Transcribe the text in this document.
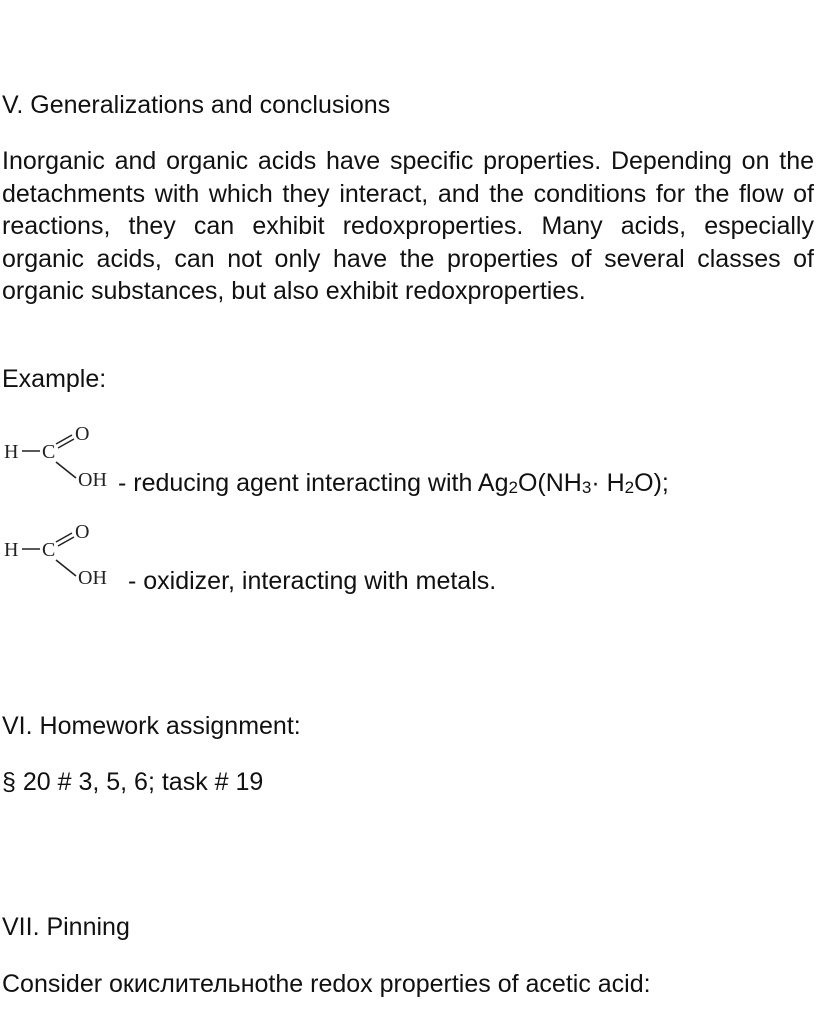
V. Generalizations and conclusions
Inorganic and organic acids have specific properties. Depending on the detachments with which they interact, and the conditions for the flow of reactions, they can exhibit redoxproperties. Many acids, especially organic acids, can not only have the properties of several classes of organic substances, but also exhibit redoxproperties.
Example:
H C
O
OH - reducing agent interacting with $Ag_2O(NH_3\cdot H_2O)$;
H C
O
OH - oxidizer, interacting with metals.
VI. Homework assignment:
§ 20 # 3, 5, 6; task # 19
VII. Pinning
Consider окислительноthe redox properties of acetic acid:
